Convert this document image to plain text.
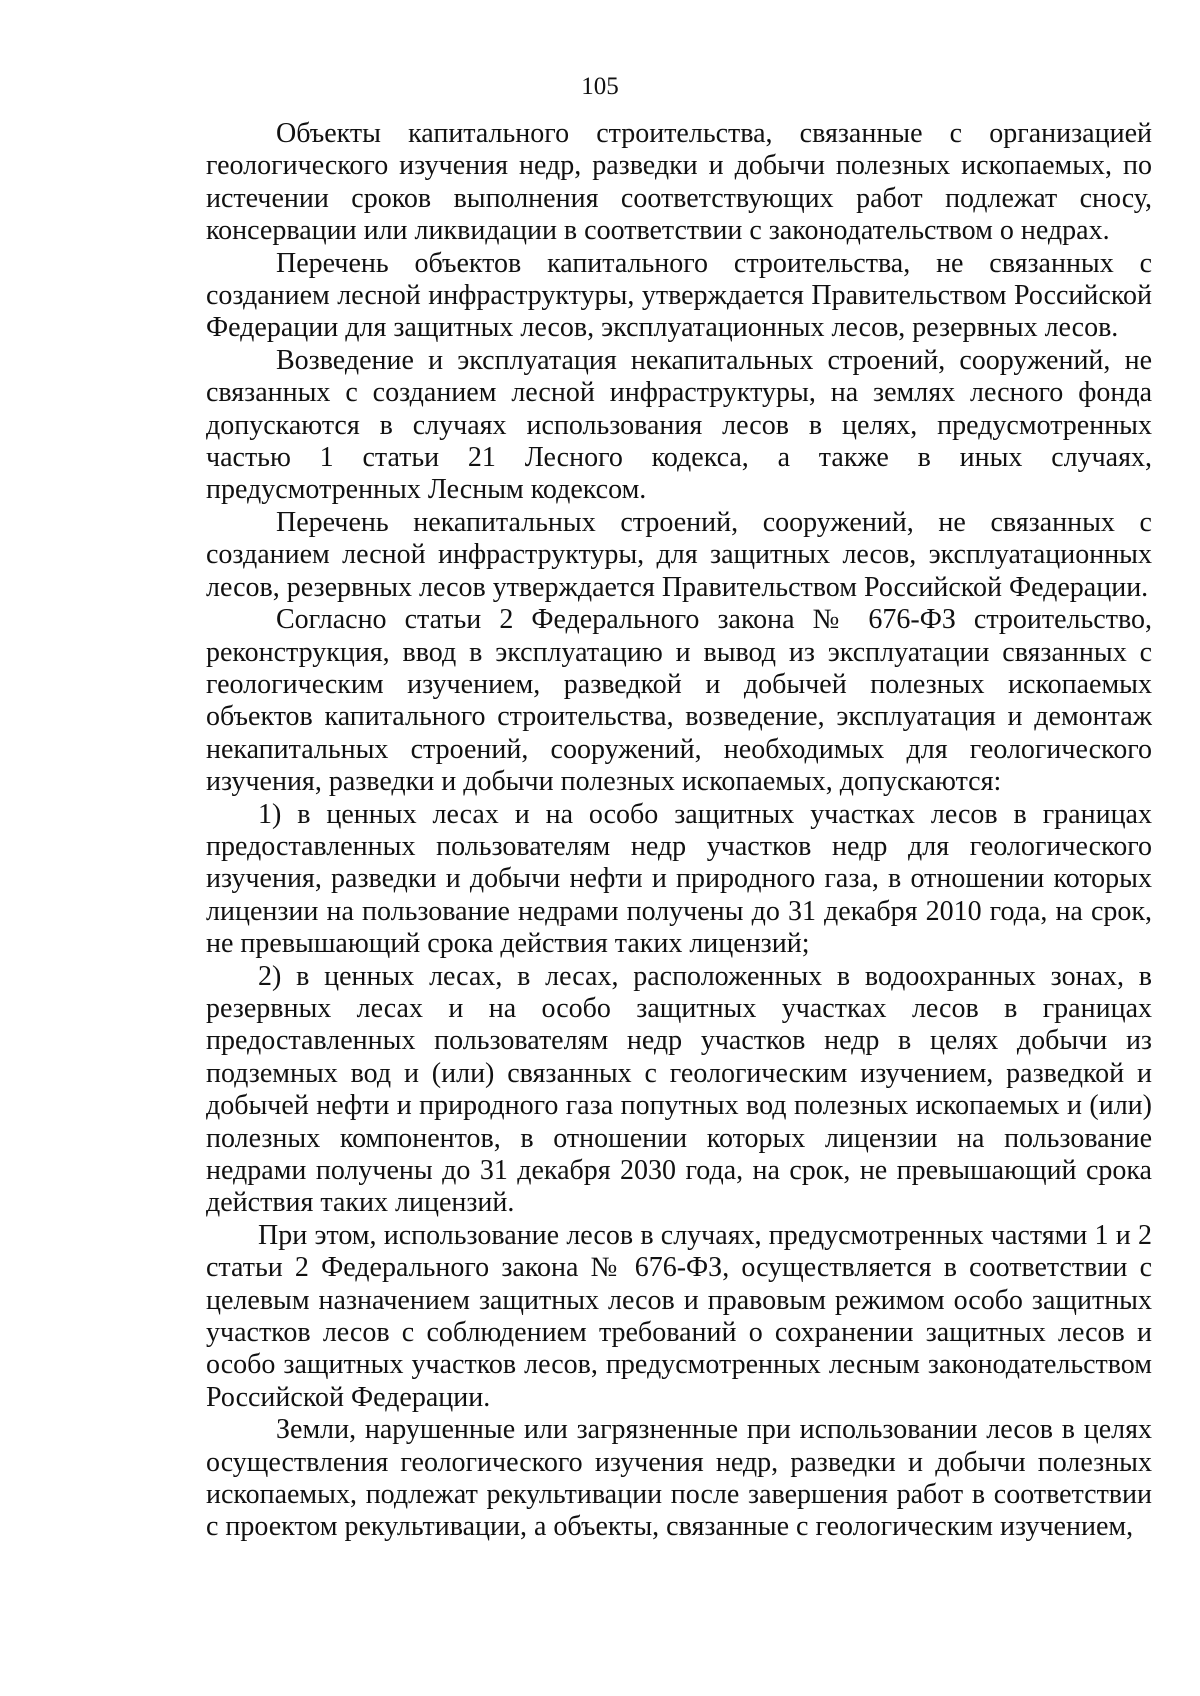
105

Объекты капитального строительства, связанные с организацией геологического изучения недр, разведки и добычи полезных ископаемых, по истечении сроков выполнения соответствующих работ подлежат сносу, консервации или ликвидации в соответствии с законодательством о недрах.

Перечень объектов капитального строительства, не связанных с созданием лесной инфраструктуры, утверждается Правительством Российской Федерации для защитных лесов, эксплуатационных лесов, резервных лесов.

Возведение и эксплуатация некапитальных строений, сооружений, не связанных с созданием лесной инфраструктуры, на землях лесного фонда допускаются в случаях использования лесов в целях, предусмотренных частью 1 статьи 21 Лесного кодекса, а также в иных случаях, предусмотренных Лесным кодексом.

Перечень некапитальных строений, сооружений, не связанных с созданием лесной инфраструктуры, для защитных лесов, эксплуатационных лесов, резервных лесов утверждается Правительством Российской Федерации.

Согласно статьи 2 Федерального закона № 676-ФЗ строительство, реконструкция, ввод в эксплуатацию и вывод из эксплуатации связанных с геологическим изучением, разведкой и добычей полезных ископаемых объектов капитального строительства, возведение, эксплуатация и демонтаж некапитальных строений, сооружений, необходимых для геологического изучения, разведки и добычи полезных ископаемых, допускаются:

1) в ценных лесах и на особо защитных участках лесов в границах предоставленных пользователям недр участков недр для геологического изучения, разведки и добычи нефти и природного газа, в отношении которых лицензии на пользование недрами получены до 31 декабря 2010 года, на срок, не превышающий срока действия таких лицензий;

2) в ценных лесах, в лесах, расположенных в водоохранных зонах, в резервных лесах и на особо защитных участках лесов в границах предоставленных пользователям недр участков недр в целях добычи из подземных вод и (или) связанных с геологическим изучением, разведкой и добычей нефти и природного газа попутных вод полезных ископаемых и (или) полезных компонентов, в отношении которых лицензии на пользование недрами получены до 31 декабря 2030 года, на срок, не превышающий срока действия таких лицензий.

При этом, использование лесов в случаях, предусмотренных частями 1 и 2 статьи 2 Федерального закона № 676-ФЗ, осуществляется в соответствии с целевым назначением защитных лесов и правовым режимом особо защитных участков лесов с соблюдением требований о сохранении защитных лесов и особо защитных участков лесов, предусмотренных лесным законодательством Российской Федерации.

Земли, нарушенные или загрязненные при использовании лесов в целях осуществления геологического изучения недр, разведки и добычи полезных ископаемых, подлежат рекультивации после завершения работ в соответствии с проектом рекультивации, а объекты, связанные с геологическим изучением,
